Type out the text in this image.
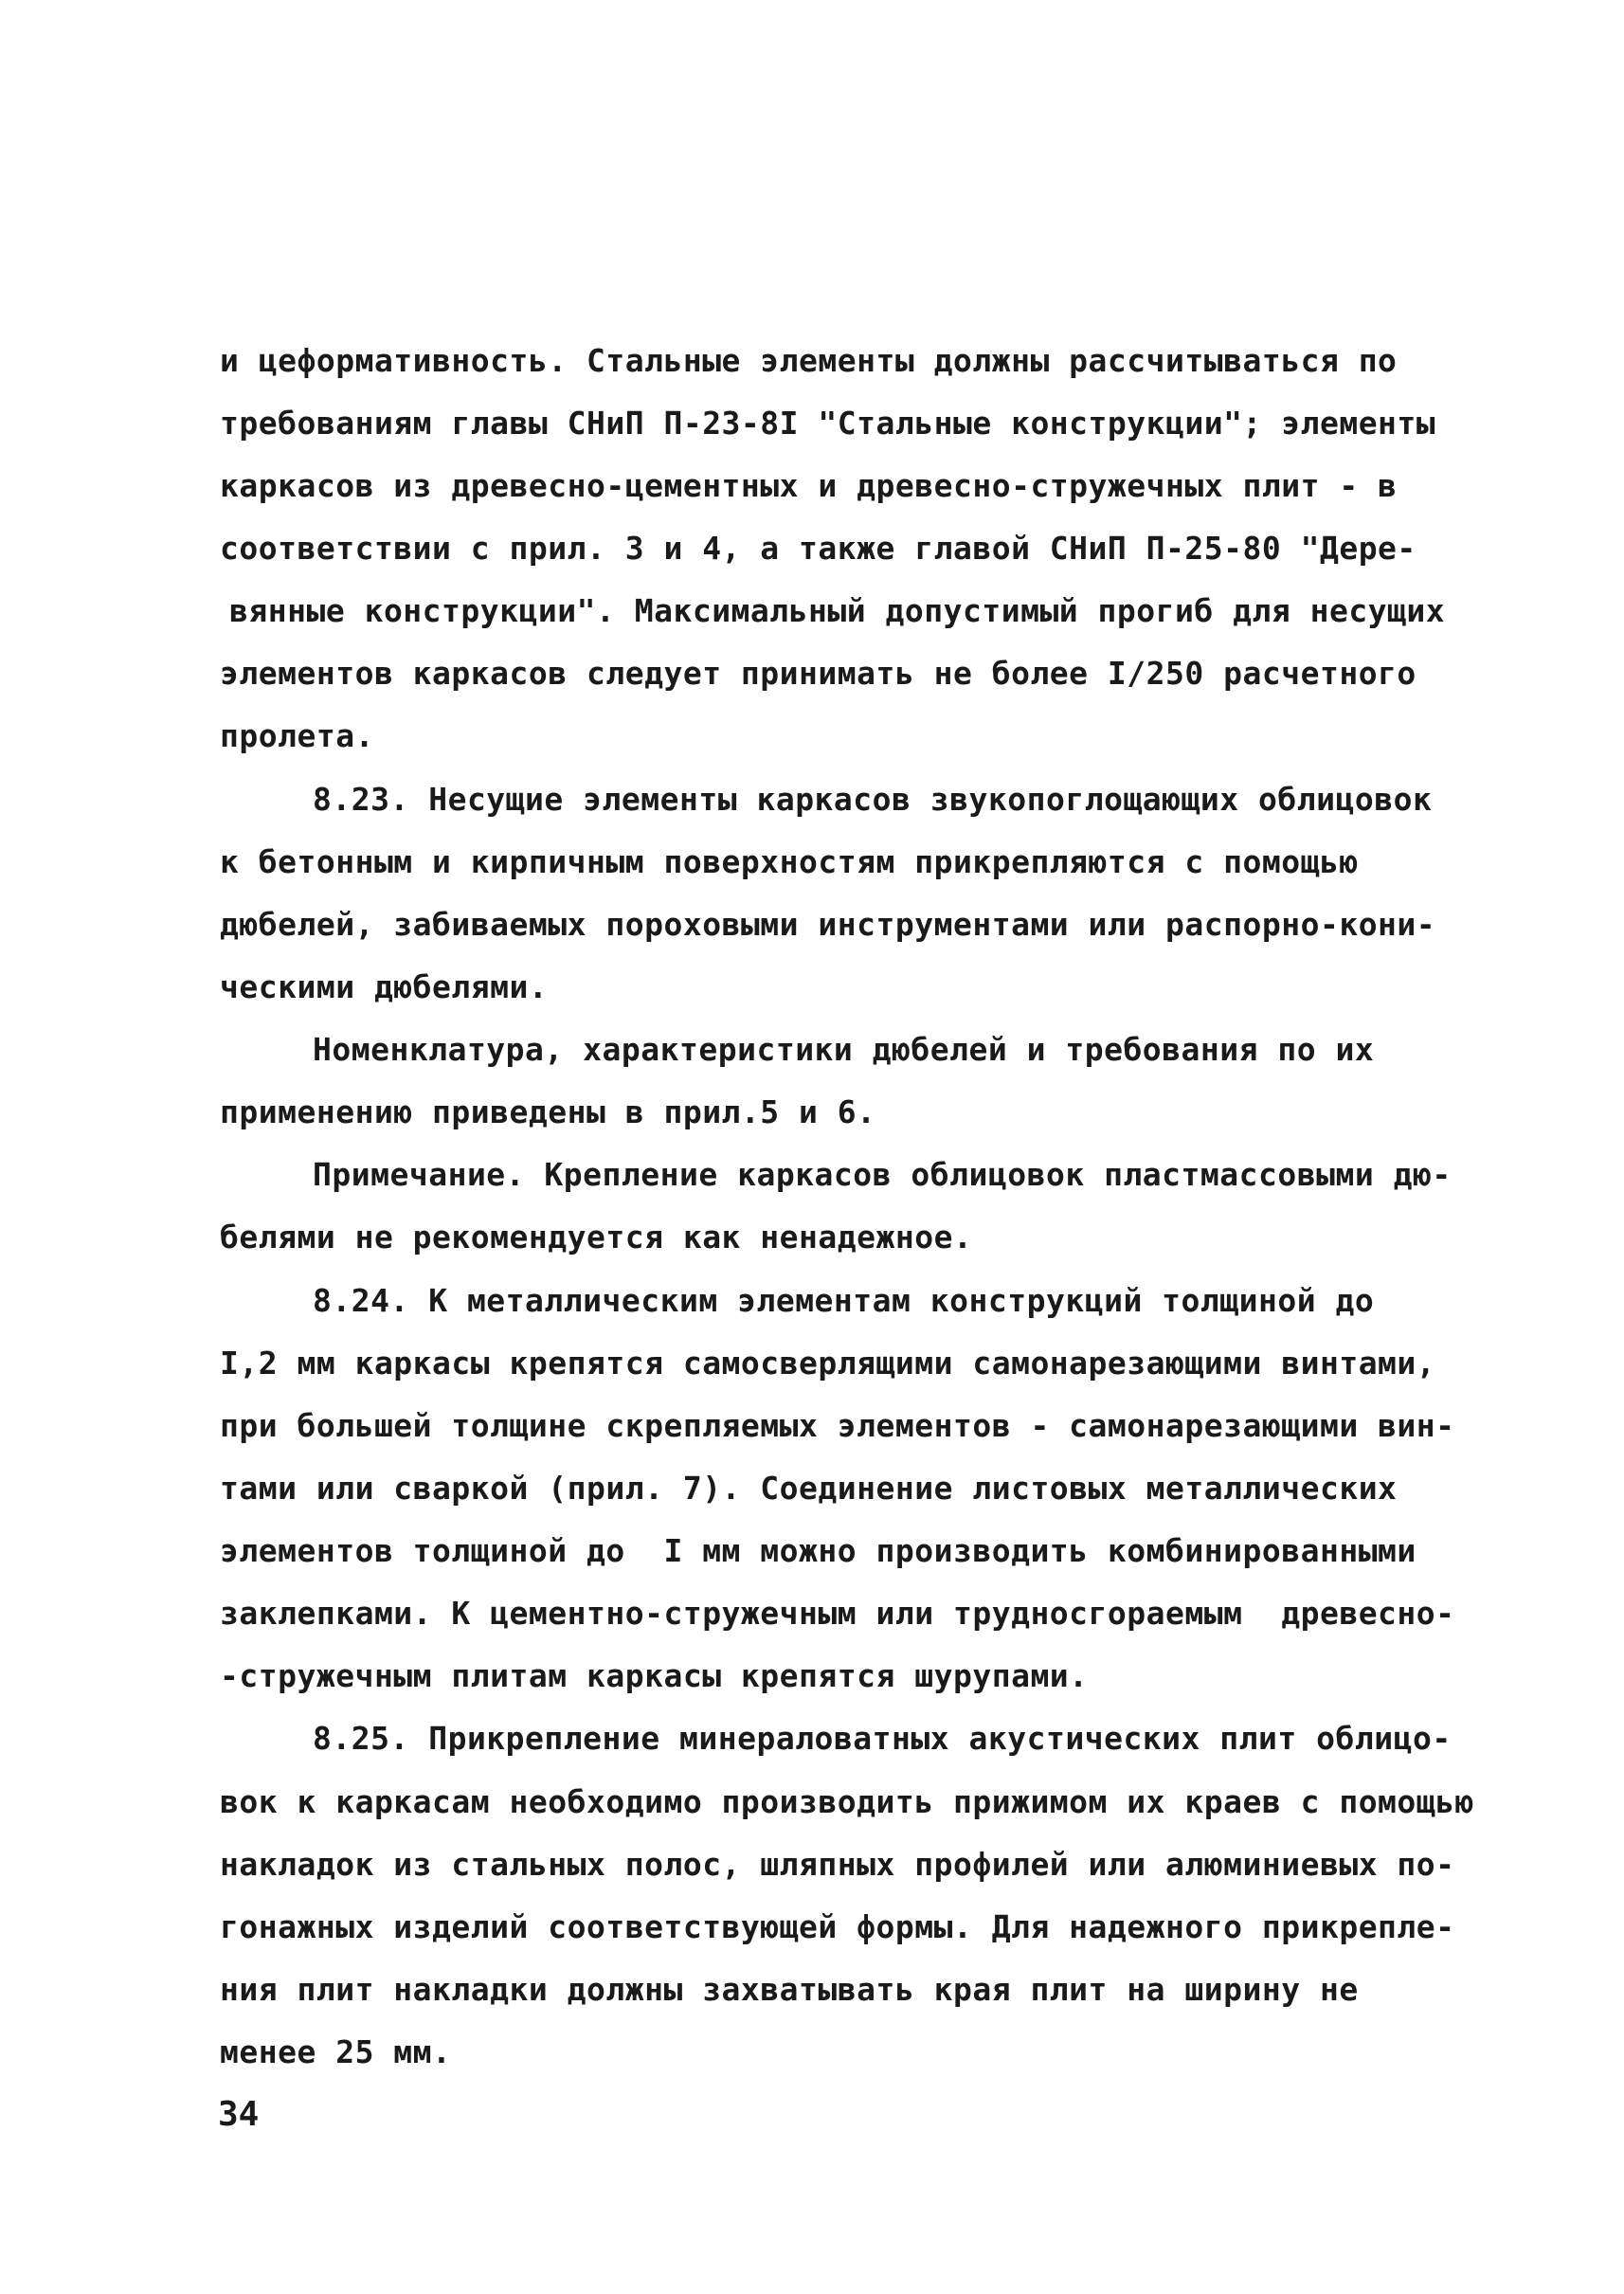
и цеформативность. Стальные элементы должны рассчитываться по
требованиям главы СНиП П-23-8I "Стальные конструкции"; элементы
каркасов из древесно-цементных и древесно-стружечных плит - в
соответствии с прил. 3 и 4, а также главой СНиП П-25-80 "Дере-
вянные конструкции". Максимальный допустимый прогиб для несущих
элементов каркасов следует принимать не более I/250 расчетного
пролета.
8.23. Несущие элементы каркасов звукопоглощающих облицовок
к бетонным и кирпичным поверхностям прикрепляются с помощью
дюбелей, забиваемых пороховыми инструментами или распорно-кони-
ческими дюбелями.
Номенклатура, характеристики дюбелей и требования по их
применению приведены в прил.5 и 6.
Примечание. Крепление каркасов облицовок пластмассовыми дю-
белями не рекомендуется как ненадежное.
8.24. К металлическим элементам конструкций толщиной до
I,2 мм каркасы крепятся самосверлящими самонарезающими винтами,
при большей толщине скрепляемых элементов - самонарезающими вин-
тами или сваркой (прил. 7). Соединение листовых металлических
элементов толщиной до  I мм можно производить комбинированными
заклепками. К цементно-стружечным или трудносгораемым  древесно-
-стружечным плитам каркасы крепятся шурупами.
8.25. Прикрепление минераловатных акустических плит облицо-
вок к каркасам необходимо производить прижимом их краев с помощью
накладок из стальных полос, шляпных профилей или алюминиевых по-
гонажных изделий соответствующей формы. Для надежного прикрепле-
ния плит накладки должны захватывать края плит на ширину не
менее 25 мм.
34
